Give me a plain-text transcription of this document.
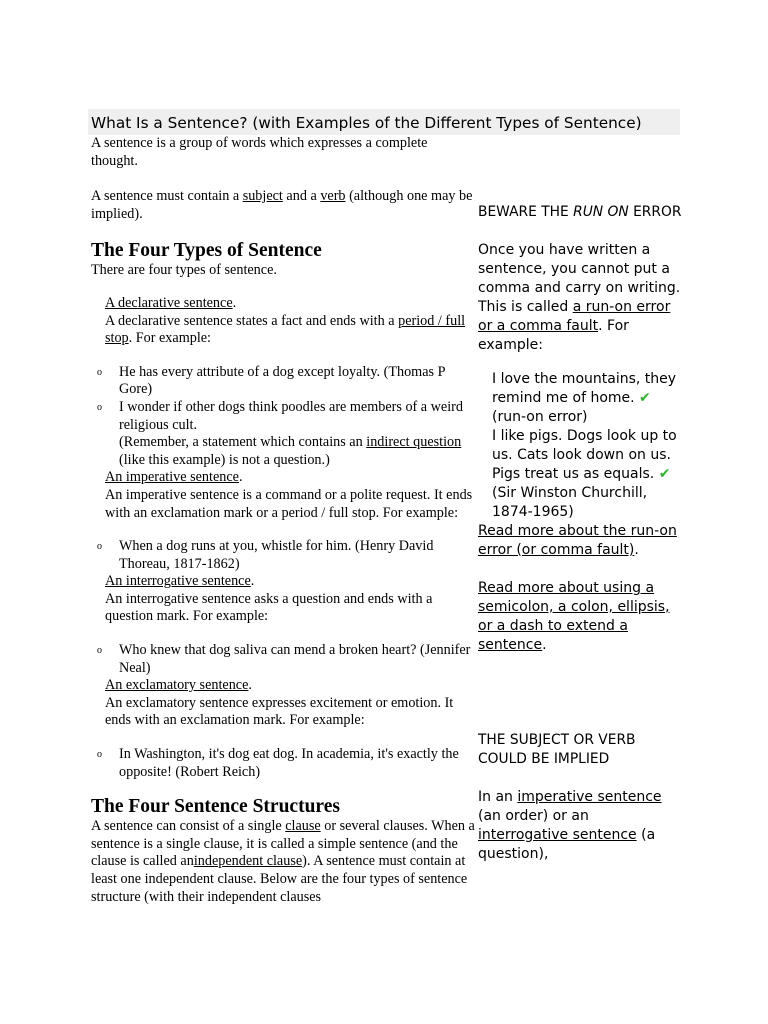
What Is a Sentence? (with Examples of the Different Types of Sentence)

A sentence is a group of words which expresses a complete thought.

A sentence must contain a subject and a verb (although one may be implied).

The Four Types of Sentence

There are four types of sentence.

A declarative sentence.

A declarative sentence states a fact and ends with a period / full stop. For example:

o He has every attribute of a dog except loyalty. (Thomas P Gore)
o I wonder if other dogs think poodles are members of a weird religious cult.
(Remember, a statement which contains an indirect question (like this example) is not a question.)

An imperative sentence.

An imperative sentence is a command or a polite request. It ends with an exclamation mark or a period / full stop. For example:

o When a dog runs at you, whistle for him. (Henry David Thoreau, 1817-1862)

An interrogative sentence.

An interrogative sentence asks a question and ends with a question mark. For example:

o Who knew that dog saliva can mend a broken heart? (Jennifer Neal)

An exclamatory sentence.

An exclamatory sentence expresses excitement or emotion. It ends with an exclamation mark. For example:

o In Washington, it's dog eat dog. In academia, it's exactly the opposite! (Robert Reich)
The Four Sentence Structures

A sentence can consist of a single clause or several clauses. When a sentence is a single clause, it is called a simple sentence (and the clause is called anindependent clause). A sentence must contain at least one independent clause. Below are the four types of sentence structure (with their independent clauses

BEWARE THE RUN ON ERROR

Once you have written a sentence, you cannot put a comma and carry on writing. This is called a run-on error or a comma fault. For example:

I love the mountains, they remind me of home. ✔

(run-on error)

I like pigs. Dogs look up to us. Cats look down on us. Pigs treat us as equals. ✔ (Sir Winston Churchill, 1874-1965)

Read more about the run-on error (or comma fault).

Read more about using a semicolon, a colon, ellipsis, or a dash to extend a sentence.

THE SUBJECT OR VERB COULD BE IMPLIED

In an imperative sentence (an order) or an interrogative sentence (a question),
